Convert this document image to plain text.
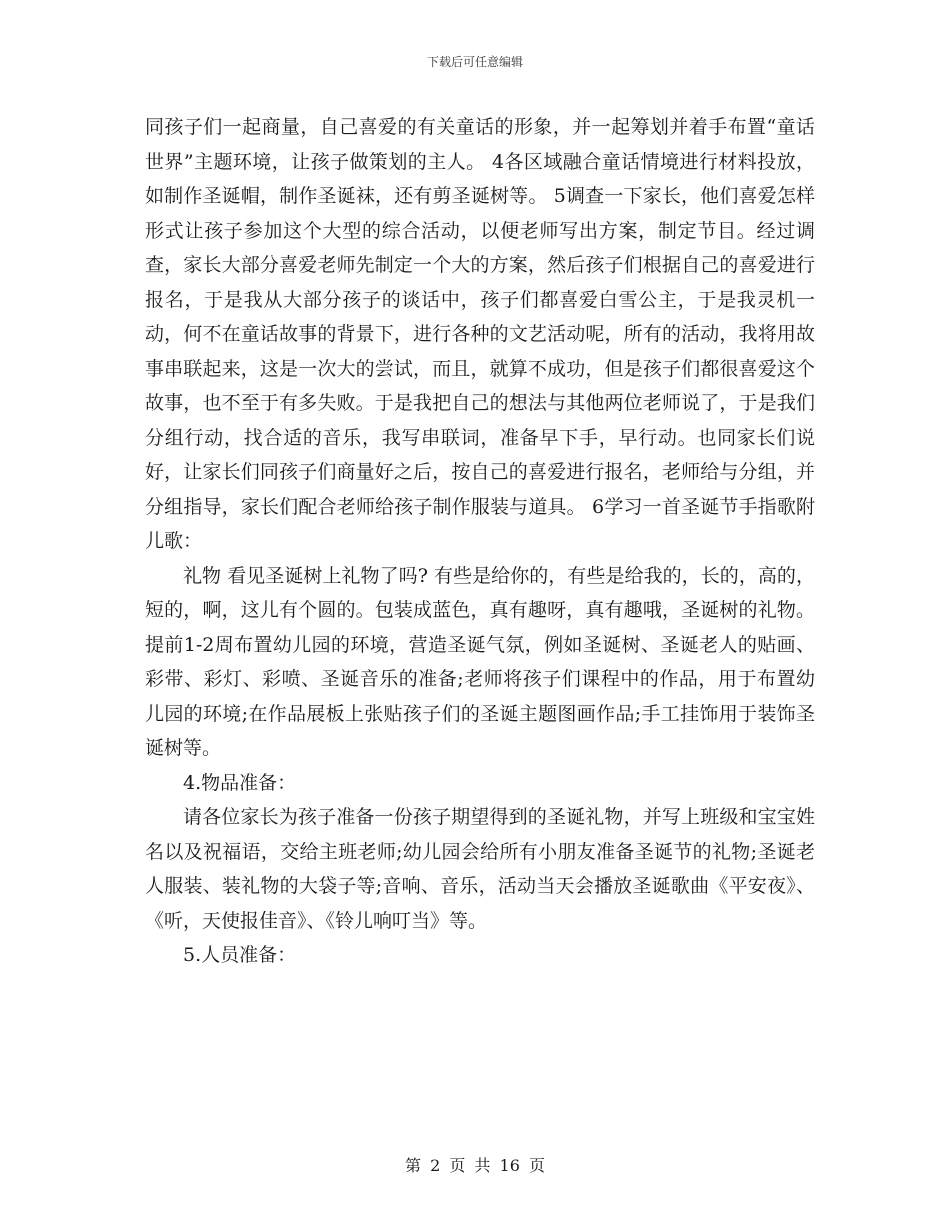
下载后可任意编辑

同孩子们一起商量，自己喜爱的有关童话的形象，并一起筹划并着手布置“童话世界”主题环境，让孩子做策划的主人。 4各区域融合童话情境进行材料投放，如制作圣诞帽，制作圣诞袜，还有剪圣诞树等。 5调查一下家长，他们喜爱怎样形式让孩子参加这个大型的综合活动，以便老师写出方案，制定节目。经过调查，家长大部分喜爱老师先制定一个大的方案，然后孩子们根据自己的喜爱进行报名，于是我从大部分孩子的谈话中，孩子们都喜爱白雪公主，于是我灵机一动，何不在童话故事的背景下，进行各种的文艺活动呢，所有的活动，我将用故事串联起来，这是一次大的尝试，而且，就算不成功，但是孩子们都很喜爱这个故事，也不至于有多失败。于是我把自己的想法与其他两位老师说了，于是我们分组行动，找合适的音乐，我写串联词，准备早下手，早行动。也同家长们说好，让家长们同孩子们商量好之后，按自己的喜爱进行报名，老师给与分组，并分组指导，家长们配合老师给孩子制作服装与道具。 6学习一首圣诞节手指歌附儿歌：

礼物 看见圣诞树上礼物了吗? 有些是给你的，有些是给我的，长的，高的，短的，啊，这儿有个圆的。包装成蓝色，真有趣呀，真有趣哦，圣诞树的礼物。提前1-2周布置幼儿园的环境，营造圣诞气氛，例如圣诞树、圣诞老人的贴画、彩带、彩灯、彩喷、圣诞音乐的准备;老师将孩子们课程中的作品，用于布置幼儿园的环境;在作品展板上张贴孩子们的圣诞主题图画作品;手工挂饰用于装饰圣诞树等。

4.物品准备：

请各位家长为孩子准备一份孩子期望得到的圣诞礼物，并写上班级和宝宝姓名以及祝福语，交给主班老师;幼儿园会给所有小朋友准备圣诞节的礼物;圣诞老人服装、装礼物的大袋子等;音响、音乐，活动当天会播放圣诞歌曲《平安夜》、《听，天使报佳音》、《铃儿响叮当》等。

5.人员准备：

第 2 页 共 16 页
